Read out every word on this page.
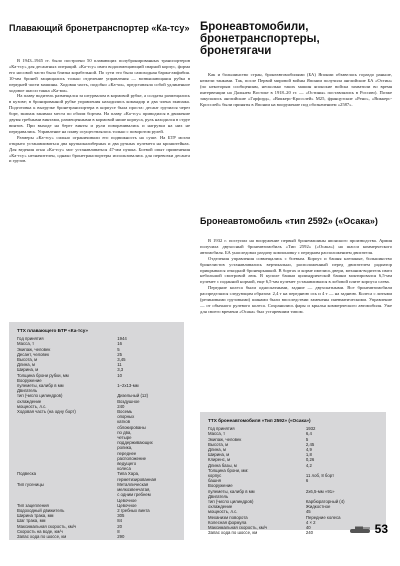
Плавающий бронетранспортер «Ка-тсу»

В 1943–1945 гг. было построено 50 плавающих полубронированных транспортеров «Ка-тсу» для десантных операций. «Ка-тсу» имел водоизмещающий сварной корпус, форма его носовой части была близка корабельной. По сути это была самоходная баржа-амфибия. 10-мм броней защищались только отделение управления — возвышающаяся рубка в передней части машины. Ходовая часть, подобно «Ка-чи», представляла собой удлиненное ходовое шасси танка «Ка-ми».

На плаву водитель размещался за штурвалом в кормовой рубке, а солдаты размещались в кузове; в бронированной рубке управления находились командир и два члена экипажа. Подготовка к выгрузке бронетранспортера в корпусе была проста: десант грузился через борт, экипаж занимал места по обоим бортам. На плаву «Ка-тсу» приводился в движение двумя гребными винтами, размещенными в кормовой нише корпуса, руль находился в струе винтов. При выходе на берег винты и рули поворачивались и нагрузки на них не передавались. Управление на плаву осуществлялось только с поворотом рулей.

Размеры «Ка-тсу» сильно ограничивали его подвижность на суше. На БТР могли открыто устанавливаться два крупнокалиберных и два ручных пулемета на кронштейнах. Для ведения огня «Ка-тсу» мог устанавливаться 47-мм пушка. Боевой опыт применения «Ка-тсу» незначителен, однако бронетранспортеры использовались для перевозки десанта и грузов.

ТТХ плавающего БТР «Ка-тсу»
Год принятия	1944
Масса, т	16
Экипаж, человек	5
Десант, человек	25
Высота, м	3,45
Длина, м	11
Ширина, м	3,3
Толщина брони рубки, мм	10
Вооружение
пулеметы, калибр в мм	1–2х13-мм
Двигатель
тип (число цилиндров)	Дизельный (12)
охлаждение	Воздушное
мощность, л.с.	240
Ходовая часть (на одну борт)	Восемь
опорных
катков
сблокированы
по два,
четыре
поддерживающих
ролика,
переднее
расположение
ведущего
колеса
Подвеска	Типа Хара,
герметизированная
Тип гусеницы	Металлическая
мелкозвенчатая,
с одним гребнем
Цевочное
Тип зацепления	Цевочное
Водоходный движитель	2 гребных винта
Ширина трака, мм	305
Шаг трака, мм	84
Максимальная скорость, км/ч	20
Скорость на воде, км/ч	8
Запас хода по шоссе, км	290
Бронеавтомобили, бронетранспортеры, бронетягачи

Как и большинство стран, бронеавтомобилями (БА) Японии обзавелась гораздо раньше, нежели танками. Так, после Первой мировой войны Японии получила английские БА «Остин» (по некоторым сообщениям, несколько таких машин японские войска захватили во время интервенции на Дальнем Востоке в 1918–20 гг. — «Остины» поставлялись в Россию). Позже закупались английские «Гарфорд», «Виккерс-Кросслей» M25, французские «Рено», «Виккерс-Кросслей» были приняты в Японии на вооружение под обозначением «2587».

Бронеавтомобиль «тип 2592» («Осака»)

В 1932 г. поступил на вооружение первый бронемашины японского производства. Армия получила двухосный бронеавтомобиль «Тип 2592» («Осака») на шасси коммерческого автомобиля. БА унаследовал раздачу компоновку с передним расположением двигателя.

Отделения управления совмещались с боевым. Корпус и башня клепаные, большинство бронелистов устанавливались вертикально, расположенный перед двигателем радиатор прикрывался откидной бронекрышкой. В бортах и корме имелись двери, механик-водитель имел небольшой смотровой люк. В куполе башни цилиндрической башни монтировался 6,5-мм пулемет с поданной нормой, еще 6,5-мм пулемет устанавливался в лобовой плите корпуса слева.

Передние колеса были односкатными, задние — двухскатными. Все бронеавтомобили распределялся следующим образом: 2,4 т на переднюю ось и 4 т — на заднюю. Колеса с литыми (резиновыми грузовыми) шинами были впоследствии заменены пневматическими. Управление — от обычного рулевого колеса. Сохранились фары и крылья коммерческого автомобиля. Уже для своего времени «Осака» был устаревшим типом.

ТТХ бронеавтомобиля «Тип 2592» («Осака»)
Год принятия	1932
Масса, т	6,4
Экипаж, человек	5
Высота, м	2,45
Длина, м	4,9
Ширина, м	1,8
Клиренс, м	0,26
Длина базы, м	4,2
Толщина брони, мм:
корпус	11 лоб, 8 борт
башня	6
Вооружение
пулеметы, калибр в мм	2х6,5-мм «91»
Двигатель
тип (число цилиндров)	Карбюраторный (4)
охлаждение	Жидкостное
мощность, л.с.	45
Механизм поворота	Передние колеса
Колесная формула	4 × 2
Максимальная скорость, км/ч	40
Запас хода по шоссе, км	240	53
